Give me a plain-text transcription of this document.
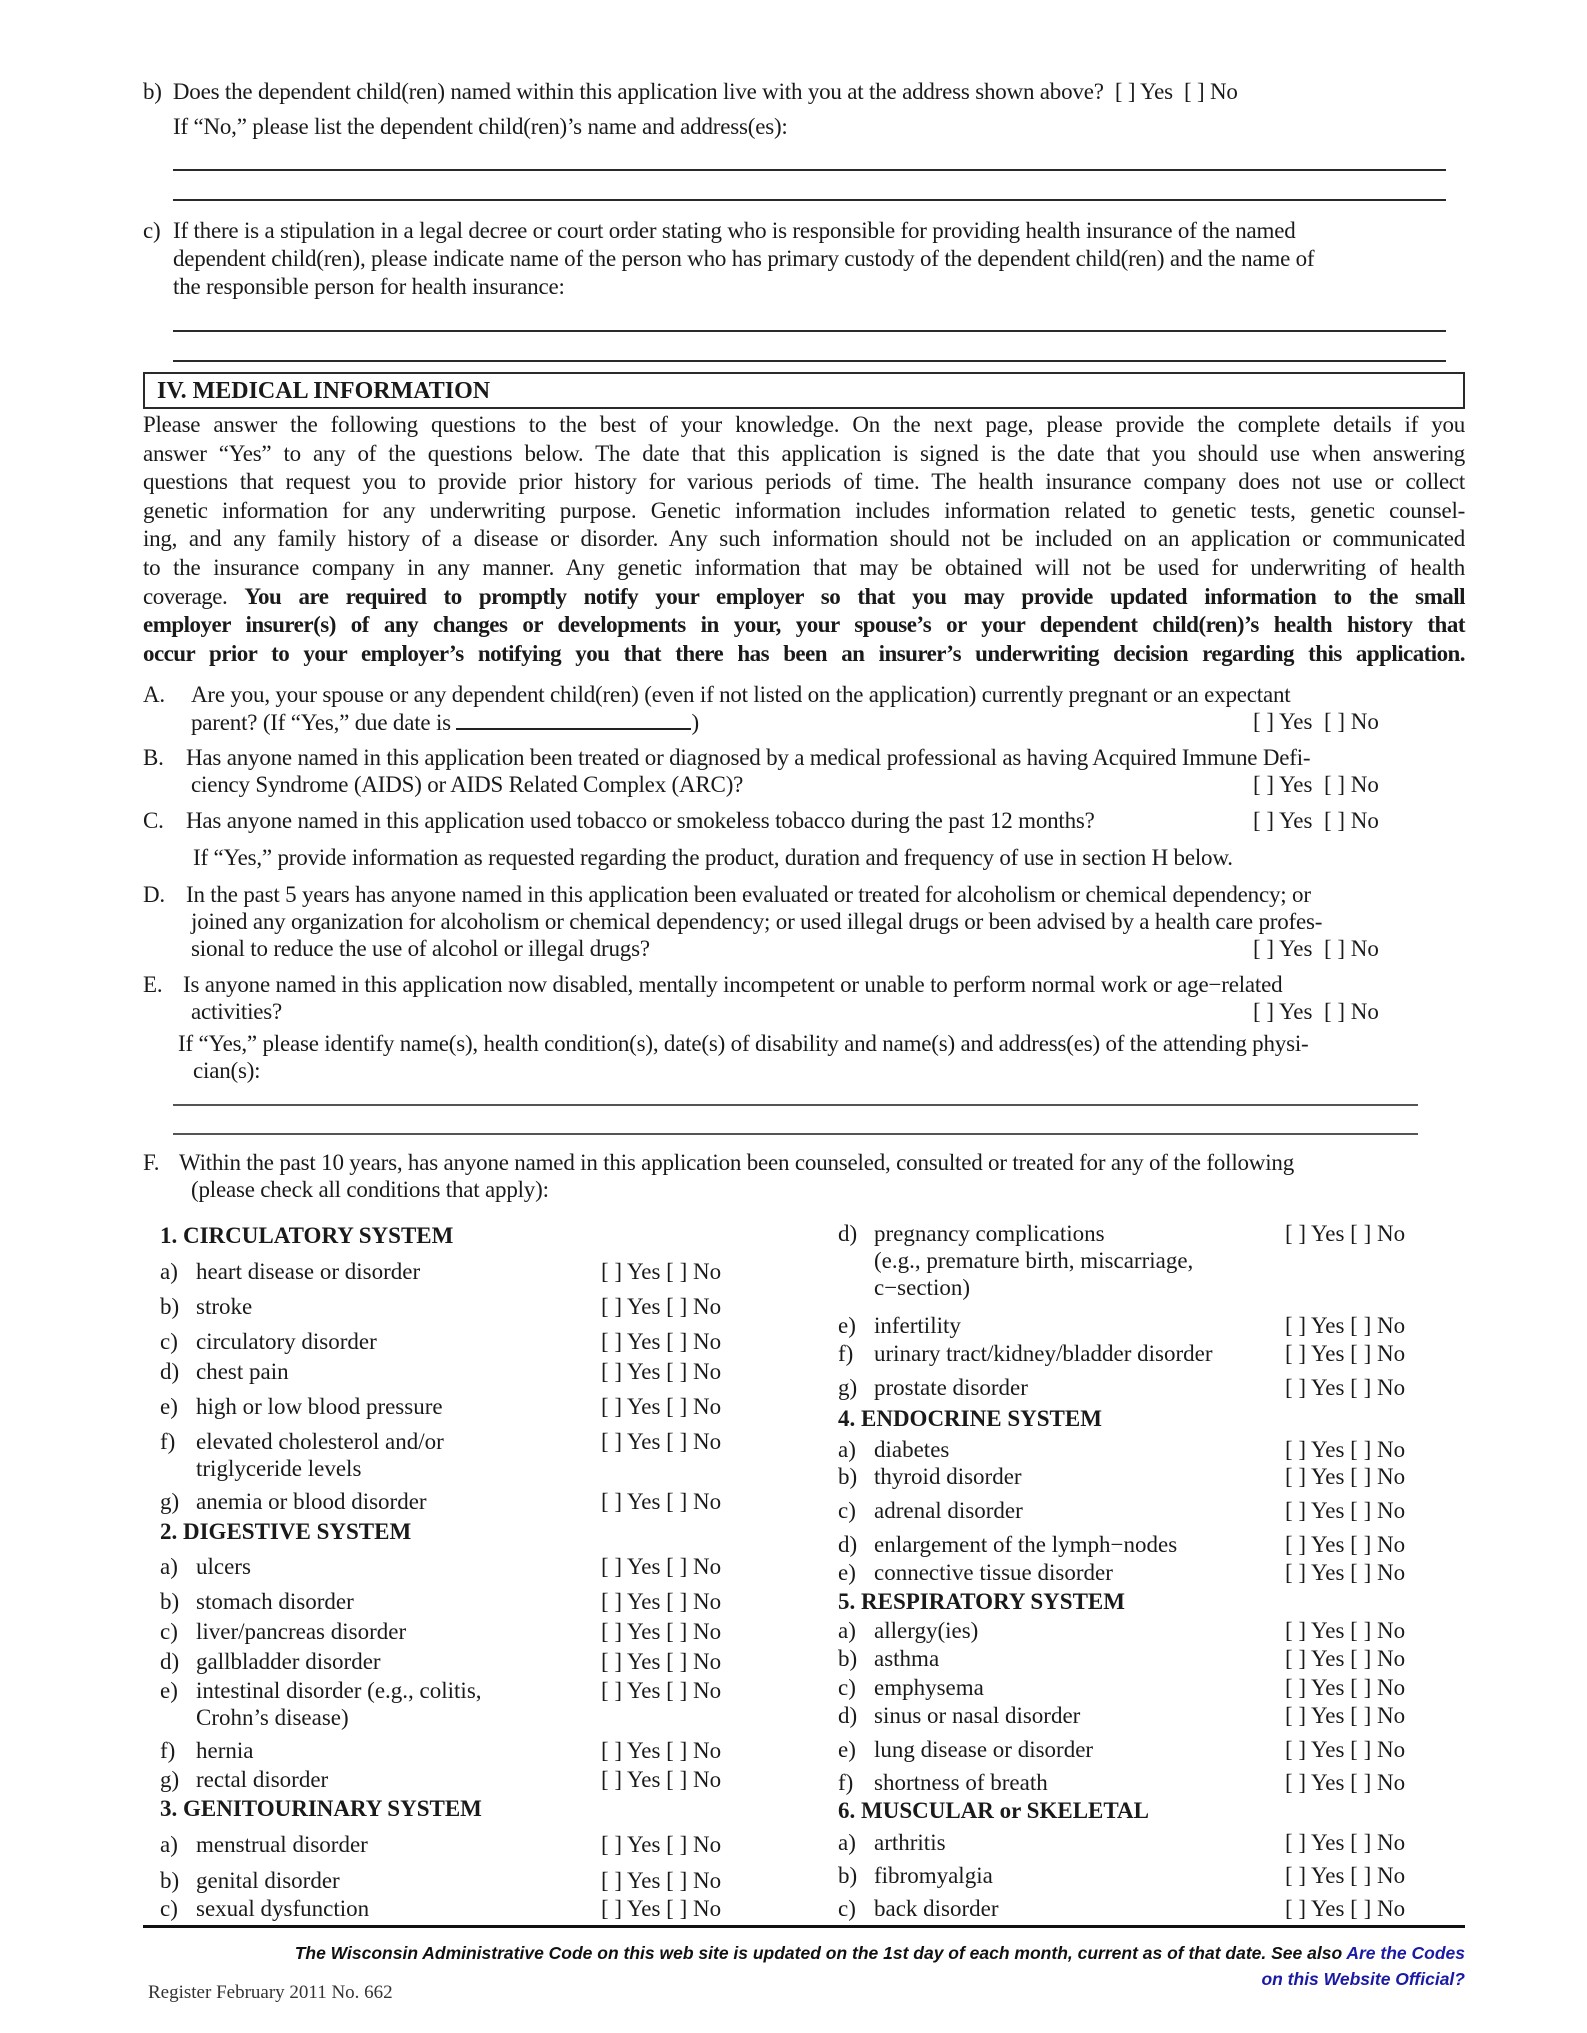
b) Does the dependent child(ren) named within this application live with you at the address shown above? [ ] Yes [ ] No
If “No,” please list the dependent child(ren)’s name and address(es):
c) If there is a stipulation in a legal decree or court order stating who is responsible for providing health insurance of the named
dependent child(ren), please indicate name of the person who has primary custody of the dependent child(ren) and the name of
the responsible person for health insurance:
IV. MEDICAL INFORMATION
Please answer the following questions to the best of your knowledge. On the next page, please provide the complete details if you
answer “Yes” to any of the questions below. The date that this application is signed is the date that you should use when answering
questions that request you to provide prior history for various periods of time. The health insurance company does not use or collect
genetic information for any underwriting purpose. Genetic information includes information related to genetic tests, genetic counsel-
ing, and any family history of a disease or disorder. Any such information should not be included on an application or communicated
to the insurance company in any manner. Any genetic information that may be obtained will not be used for underwriting of health
coverage. You are required to promptly notify your employer so that you may provide updated information to the small
employer insurer(s) of any changes or developments in your, your spouse’s or your dependent child(ren)’s health history that
occur prior to your employer’s notifying you that there has been an insurer’s underwriting decision regarding this application.
A. Are you, your spouse or any dependent child(ren) (even if not listed on the application) currently pregnant or an expectant
parent? (If “Yes,” due date is	)	[ ] Yes [ ] No
B. Has anyone named in this application been treated or diagnosed by a medical professional as having Acquired Immune Defi-
ciency Syndrome (AIDS) or AIDS Related Complex (ARC)?	[ ] Yes [ ] No
C. Has anyone named in this application used tobacco or smokeless tobacco during the past 12 months?	[ ] Yes [ ] No
If “Yes,” provide information as requested regarding the product, duration and frequency of use in section H below.
D. In the past 5 years has anyone named in this application been evaluated or treated for alcoholism or chemical dependency; or
joined any organization for alcoholism or chemical dependency; or used illegal drugs or been advised by a health care profes-
sional to reduce the use of alcohol or illegal drugs?	[ ] Yes [ ] No
E. Is anyone named in this application now disabled, mentally incompetent or unable to perform normal work or age−related
activities?	[ ] Yes [ ] No
If “Yes,” please identify name(s), health condition(s), date(s) of disability and name(s) and address(es) of the attending physi-
cian(s):
F. Within the past 10 years, has anyone named in this application been counseled, consulted or treated for any of the following
(please check all conditions that apply):
1. CIRCULATORY SYSTEM
a) heart disease or disorder	[ ] Yes [ ] No
b) stroke	[ ] Yes [ ] No
c) circulatory disorder	[ ] Yes [ ] No
d) chest pain	[ ] Yes [ ] No
e) high or low blood pressure	[ ] Yes [ ] No
f) elevated cholesterol and/or
triglyceride levels
[ ] Yes [ ] No
g) anemia or blood disorder	[ ] Yes [ ] No
2. DIGESTIVE SYSTEM
a) ulcers	[ ] Yes [ ] No
b) stomach disorder	[ ] Yes [ ] No
c) liver/pancreas disorder	[ ] Yes [ ] No
d) gallbladder disorder	[ ] Yes [ ] No
e) intestinal disorder (e.g., colitis,
Crohn’s disease)
[ ] Yes [ ] No
f) hernia	[ ] Yes [ ] No
g) rectal disorder	[ ] Yes [ ] No
3. GENITOURINARY SYSTEM
a) menstrual disorder	[ ] Yes [ ] No
b) genital disorder	[ ] Yes [ ] No
c) sexual dysfunction	[ ] Yes [ ] No
d) pregnancy complications
(e.g., premature birth, miscarriage,
c−section)
[ ] Yes [ ] No
e) infertility	[ ] Yes [ ] No
f) urinary tract/kidney/bladder disorder	[ ] Yes [ ] No
g) prostate disorder	[ ] Yes [ ] No
4. ENDOCRINE SYSTEM
a) diabetes	[ ] Yes [ ] No
b) thyroid disorder	[ ] Yes [ ] No
c) adrenal disorder	[ ] Yes [ ] No
d) enlargement of the lymph−nodes	[ ] Yes [ ] No
e) connective tissue disorder	[ ] Yes [ ] No
5. RESPIRATORY SYSTEM
a) allergy(ies)	[ ] Yes [ ] No
b) asthma	[ ] Yes [ ] No
c) emphysema	[ ] Yes [ ] No
d) sinus or nasal disorder	[ ] Yes [ ] No
e) lung disease or disorder	[ ] Yes [ ] No
f) shortness of breath	[ ] Yes [ ] No
6. MUSCULAR or SKELETAL
a) arthritis	[ ] Yes [ ] No
b) fibromyalgia	[ ] Yes [ ] No
c) back disorder	[ ] Yes [ ] No
The Wisconsin Administrative Code on this web site is updated on the 1st day of each month, current as of that date. See also Are the Codes
on this Website Official?
Register February 2011 No. 662
